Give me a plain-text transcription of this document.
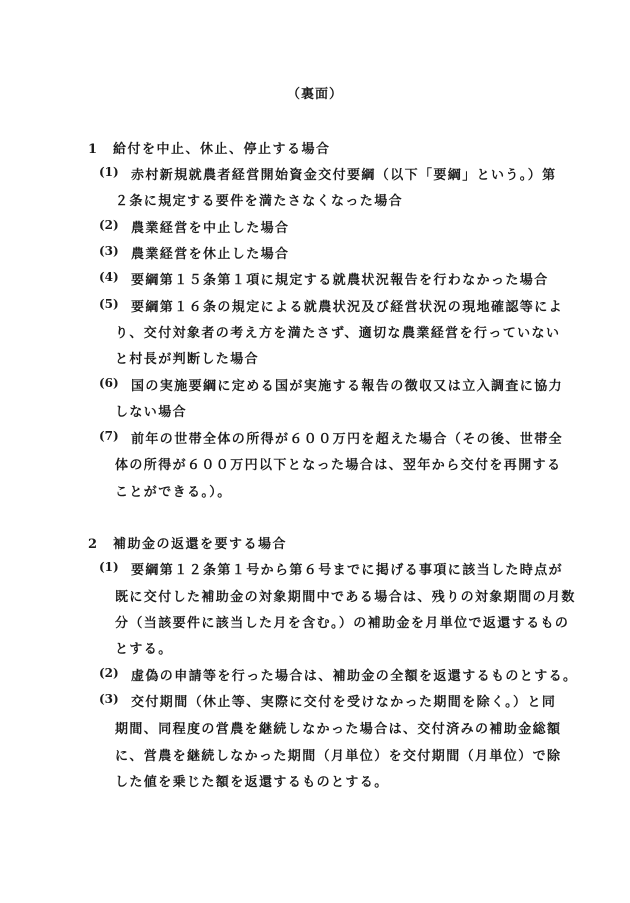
（裏面）
1 給付を中止、休止、停止する場合
(1) 赤村新規就農者経営開始資金交付要綱（以下「要綱」という。）第
２条に規定する要件を満たさなくなった場合
(2) 農業経営を中止した場合
(3) 農業経営を休止した場合
(4) 要綱第１５条第１項に規定する就農状況報告を行わなかった場合
(5) 要綱第１６条の規定による就農状況及び経営状況の現地確認等によ
り、交付対象者の考え方を満たさず、適切な農業経営を行っていない
と村長が判断した場合
(6) 国の実施要綱に定める国が実施する報告の徴収又は立入調査に協力
しない場合
(7) 前年の世帯全体の所得が６００万円を超えた場合（その後、世帯全
体の所得が６００万円以下となった場合は、翌年から交付を再開する
ことができる。）。
2 補助金の返還を要する場合
(1) 要綱第１２条第１号から第６号までに掲げる事項に該当した時点が
既に交付した補助金の対象期間中である場合は、残りの対象期間の月数
分（当該要件に該当した月を含む。）の補助金を月単位で返還するもの
とする。
(2) 虚偽の申請等を行った場合は、補助金の全額を返還するものとする。
(3) 交付期間（休止等、実際に交付を受けなかった期間を除く。）と同
期間、同程度の営農を継続しなかった場合は、交付済みの補助金総額
に、営農を継続しなかった期間（月単位）を交付期間（月単位）で除
した値を乗じた額を返還するものとする。
